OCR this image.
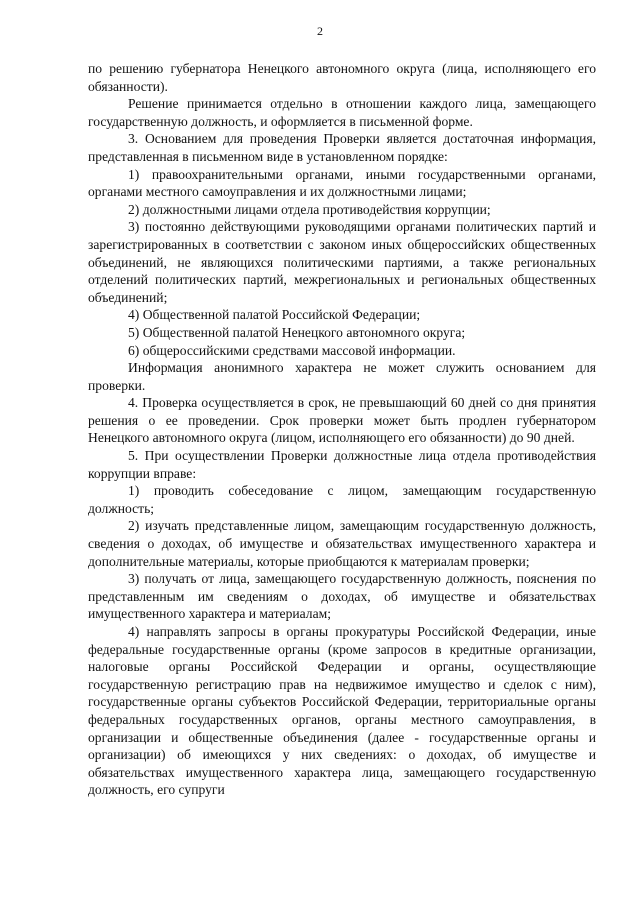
2

по решению губернатора Ненецкого автономного округа (лица, исполняющего его обязанности).

Решение принимается отдельно в отношении каждого лица, замещающего государственную должность, и оформляется в письменной форме.

3. Основанием для проведения Проверки является достаточная информация, представленная в письменном виде в установленном порядке:

1) правоохранительными органами, иными государственными органами, органами местного самоуправления и их должностными лицами;

2) должностными лицами отдела противодействия коррупции;

3) постоянно действующими руководящими органами политических партий и зарегистрированных в соответствии с законом иных общероссийских общественных объединений, не являющихся политическими партиями, а также региональных отделений политических партий, межрегиональных и региональных общественных объединений;

4) Общественной палатой Российской Федерации;

5) Общественной палатой Ненецкого автономного округа;

6) общероссийскими средствами массовой информации.

Информация анонимного характера не может служить основанием для проверки.

4. Проверка осуществляется в срок, не превышающий 60 дней со дня принятия решения о ее проведении. Срок проверки может быть продлен губернатором Ненецкого автономного округа (лицом, исполняющего его обязанности) до 90 дней.

5. При осуществлении Проверки должностные лица отдела противодействия коррупции вправе:

1) проводить собеседование с лицом, замещающим государственную должность;

2) изучать представленные лицом, замещающим государственную должность, сведения о доходах, об имуществе и обязательствах имущественного характера и дополнительные материалы, которые приобщаются к материалам проверки;

3) получать от лица, замещающего государственную должность, пояснения по представленным им сведениям о доходах, об имуществе и обязательствах имущественного характера и материалам;

4) направлять запросы в органы прокуратуры Российской Федерации, иные федеральные государственные органы (кроме запросов в кредитные организации, налоговые органы Российской Федерации и органы, осуществляющие государственную регистрацию прав на недвижимое имущество и сделок с ним), государственные органы субъектов Российской Федерации, территориальные органы федеральных государственных органов, органы местного самоуправления, в организации и общественные объединения (далее - государственные органы и организации) об имеющихся у них сведениях: о доходах, об имуществе и обязательствах имущественного характера лица, замещающего государственную должность, его супруги
